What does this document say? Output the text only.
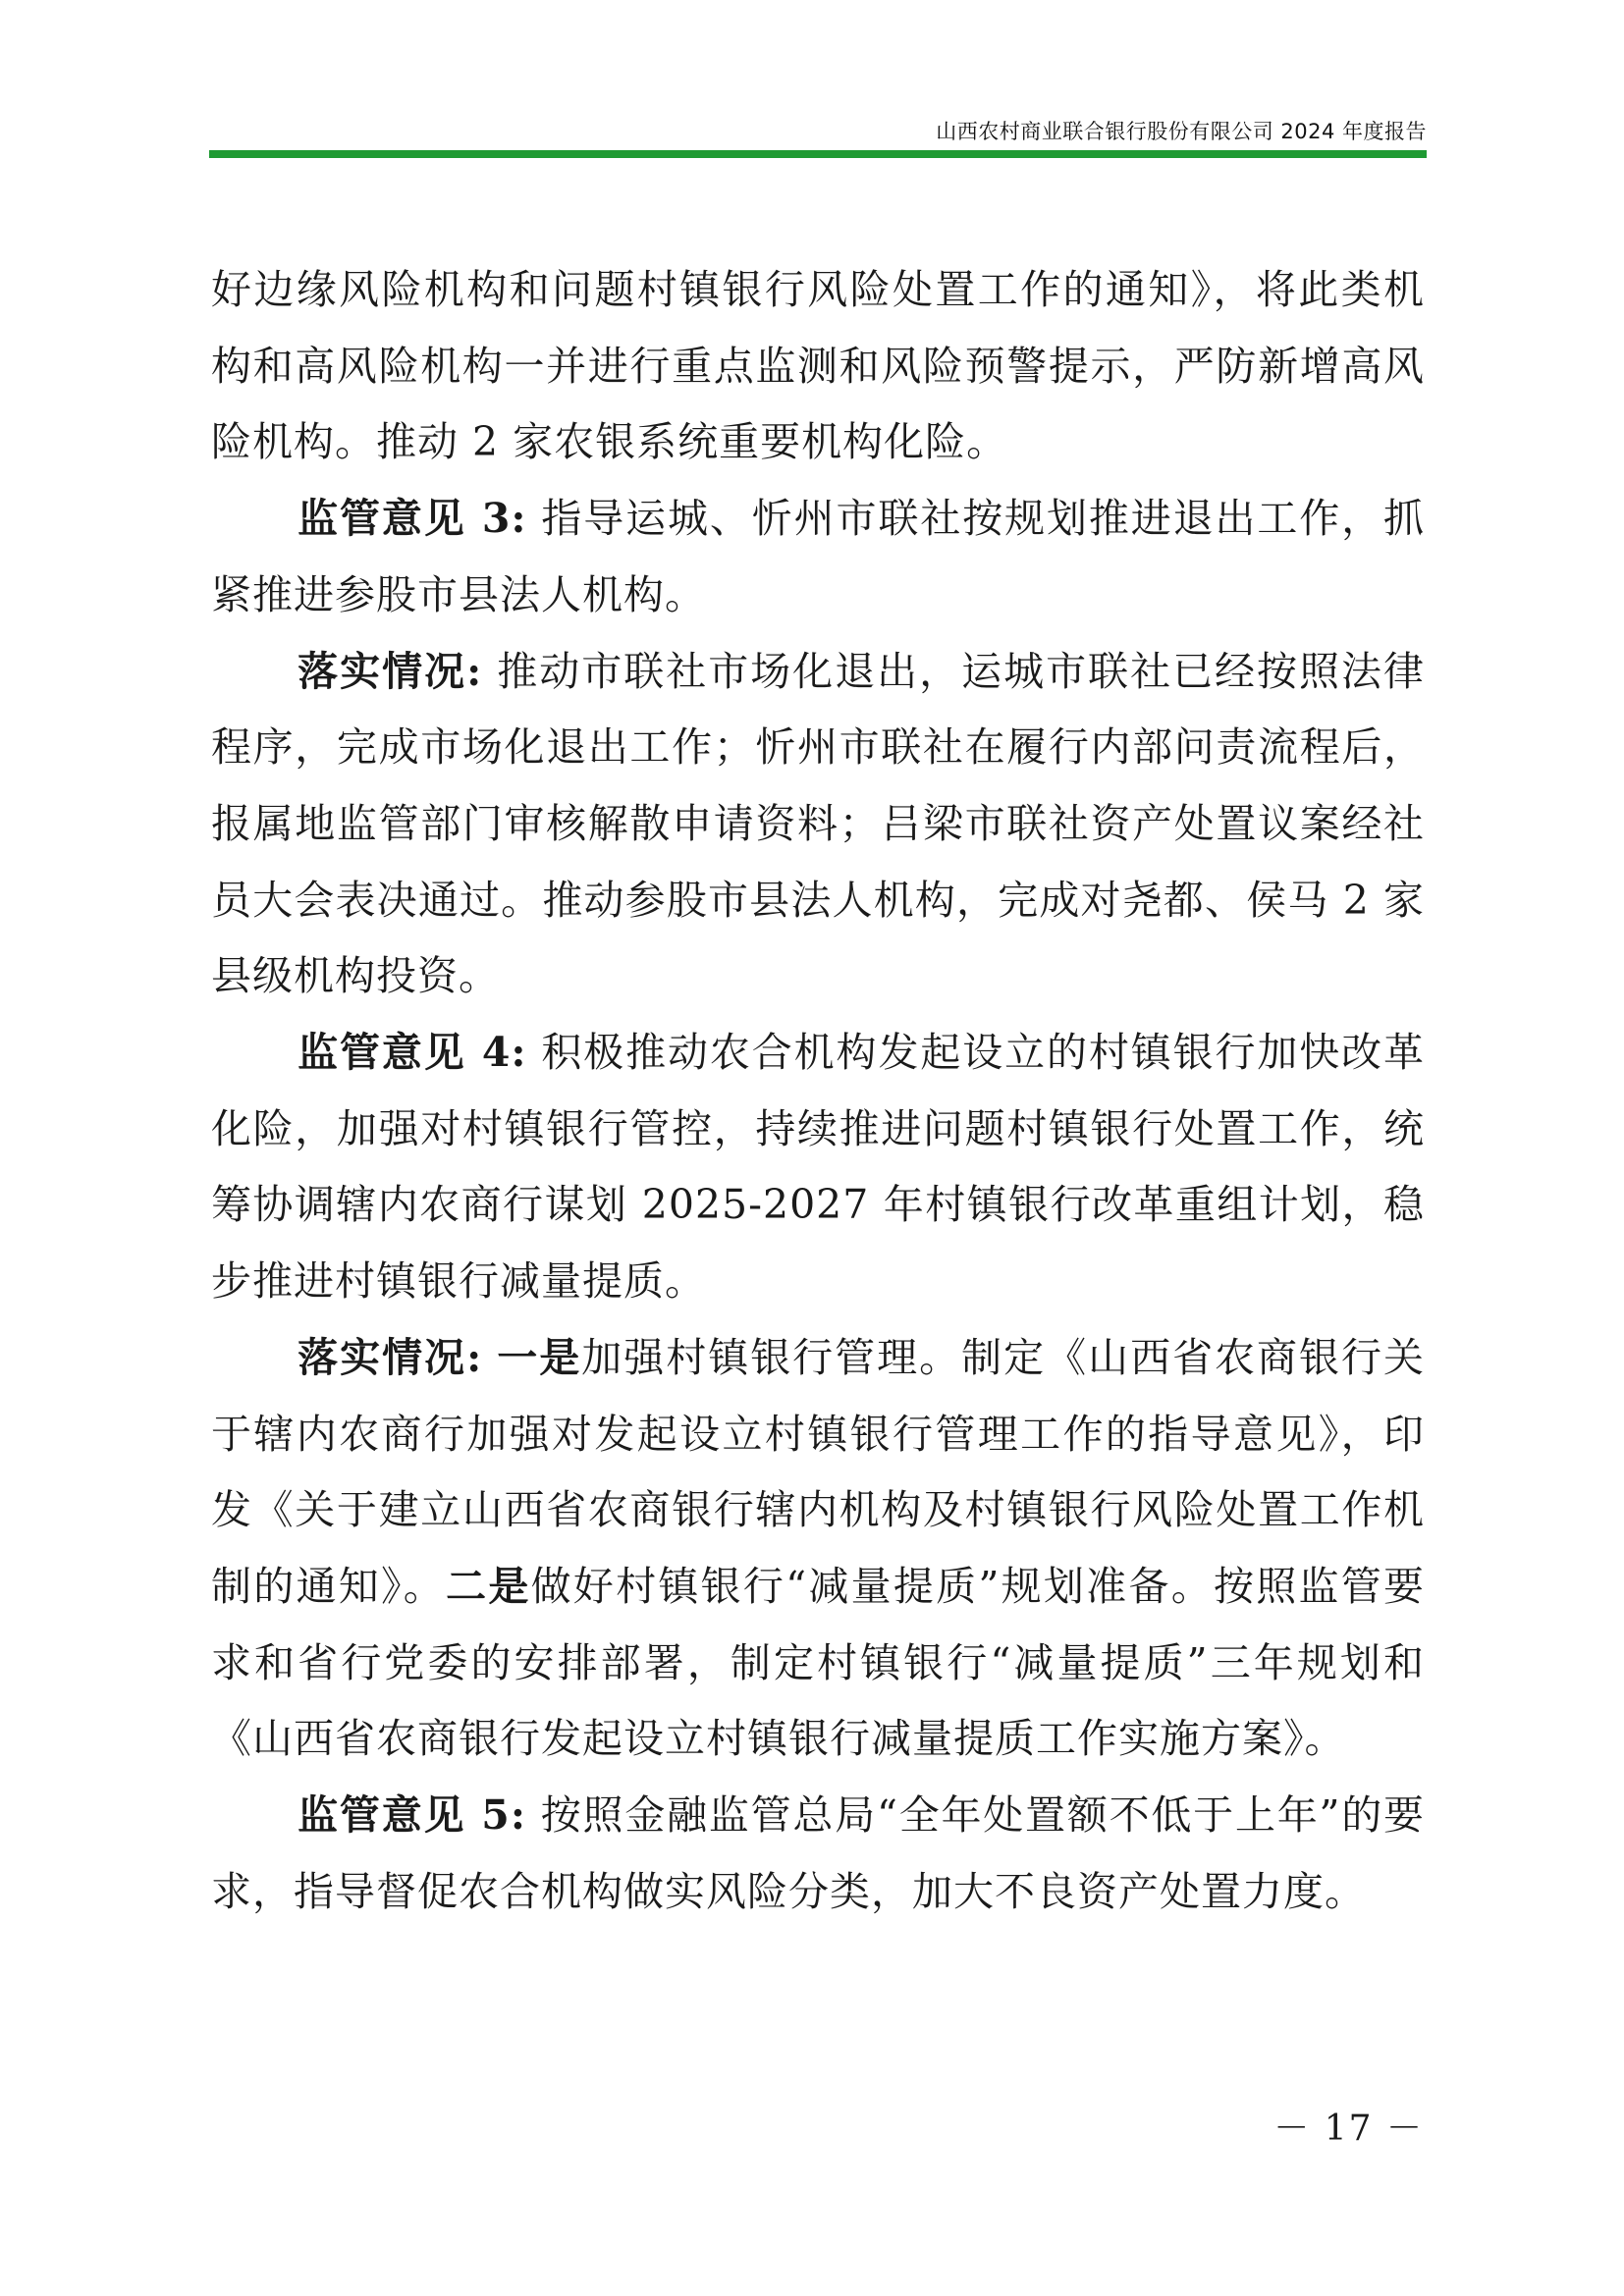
山西农村商业联合银行股份有限公司 2024 年度报告

好边缘风险机构和问题村镇银行风险处置工作的通知》，将此类机构和高风险机构一并进行重点监测和风险预警提示，严防新增高风险机构。推动 2 家农银系统重要机构化险。

监管意见 3: 指导运城、忻州市联社按规划推进退出工作，抓紧推进参股市县法人机构。

落实情况: 推动市联社市场化退出，运城市联社已经按照法律程序，完成市场化退出工作；忻州市联社在履行内部问责流程后，报属地监管部门审核解散申请资料；吕梁市联社资产处置议案经社员大会表决通过。推动参股市县法人机构，完成对尧都、侯马 2 家县级机构投资。

监管意见 4: 积极推动农合机构发起设立的村镇银行加快改革化险，加强对村镇银行管控，持续推进问题村镇银行处置工作，统筹协调辖内农商行谋划 2025-2027 年村镇银行改革重组计划，稳步推进村镇银行减量提质。

落实情况: 一是加强村镇银行管理。制定《山西省农商银行关于辖内农商行加强对发起设立村镇银行管理工作的指导意见》，印发《关于建立山西省农商银行辖内机构及村镇银行风险处置工作机制的通知》。二是做好村镇银行“减量提质”规划准备。按照监管要求和省行党委的安排部署，制定村镇银行“减量提质”三年规划和《山西省农商银行发起设立村镇银行减量提质工作实施方案》。

监管意见 5: 按照金融监管总局“全年处置额不低于上年”的要求，指导督促农合机构做实风险分类，加大不良资产处置力度。

－ 17 －
